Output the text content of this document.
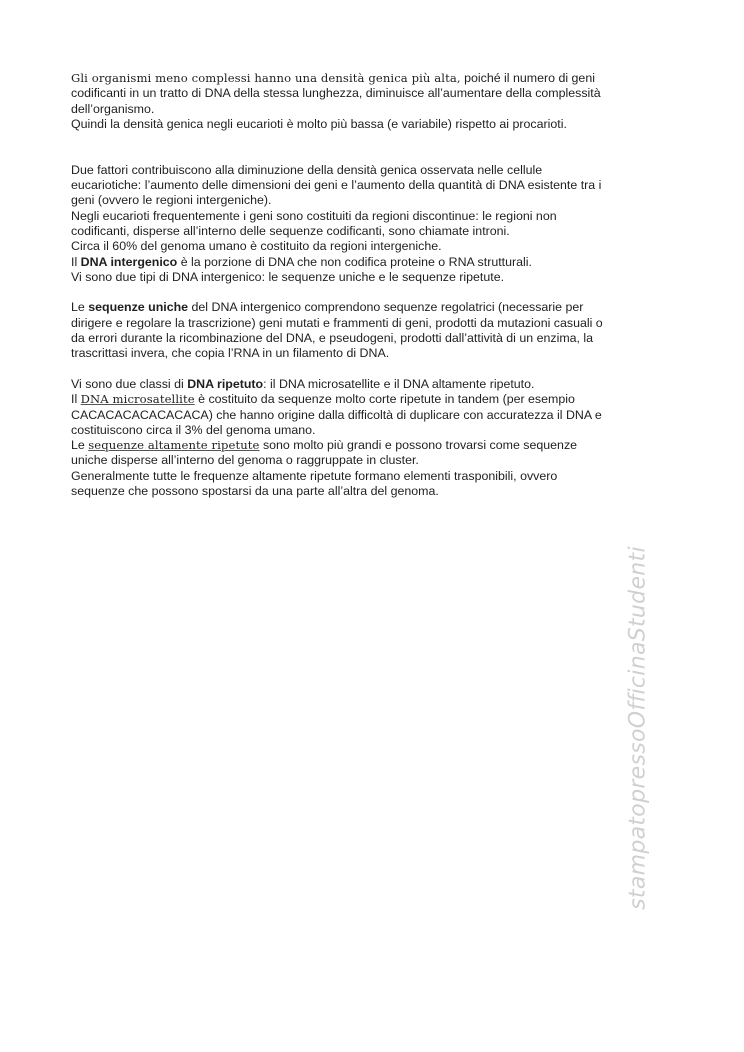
Gli organismi meno complessi hanno una densità genica più alta, poiché il numero di geni
codificanti in un tratto di DNA della stessa lunghezza, diminuisce all’aumentare della complessità
dell’organismo.
Quindi la densità genica negli eucarioti è molto più bassa (e variabile) rispetto ai procarioti.
Due fattori contribuiscono alla diminuzione della densità genica osservata nelle cellule
eucariotiche: l’aumento delle dimensioni dei geni e l’aumento della quantità di DNA esistente tra i
geni (ovvero le regioni intergeniche).
Negli eucarioti frequentemente i geni sono costituiti da regioni discontinue: le regioni non
codificanti, disperse all’interno delle sequenze codificanti, sono chiamate introni.
Circa il 60% del genoma umano è costituito da regioni intergeniche.
Il DNA intergenico è la porzione di DNA che non codifica proteine o RNA strutturali.
Vi sono due tipi di DNA intergenico: le sequenze uniche e le sequenze ripetute.
Le sequenze uniche del DNA intergenico comprendono sequenze regolatrici (necessarie per
dirigere e regolare la trascrizione) geni mutati e frammenti di geni, prodotti da mutazioni casuali o
da errori durante la ricombinazione del DNA, e pseudogeni, prodotti dall’attività di un enzima, la
trascrittasi invera, che copia l’RNA in un filamento di DNA.
Vi sono due classi di DNA ripetuto: il DNA microsatellite e il DNA altamente ripetuto.
Il DNA microsatellite è costituito da sequenze molto corte ripetute in tandem (per esempio
CACACACACACACACA) che hanno origine dalla difficoltà di duplicare con accuratezza il DNA e
costituiscono circa il 3% del genoma umano.
Le sequenze altamente ripetute sono molto più grandi e possono trovarsi come sequenze
uniche disperse all’interno del genoma o raggruppate in cluster.
Generalmente tutte le frequenze altamente ripetute formano elementi trasponibili, ovvero
sequenze che possono spostarsi da una parte all’altra del genoma.
stampatopressoOfficinaStudenti
